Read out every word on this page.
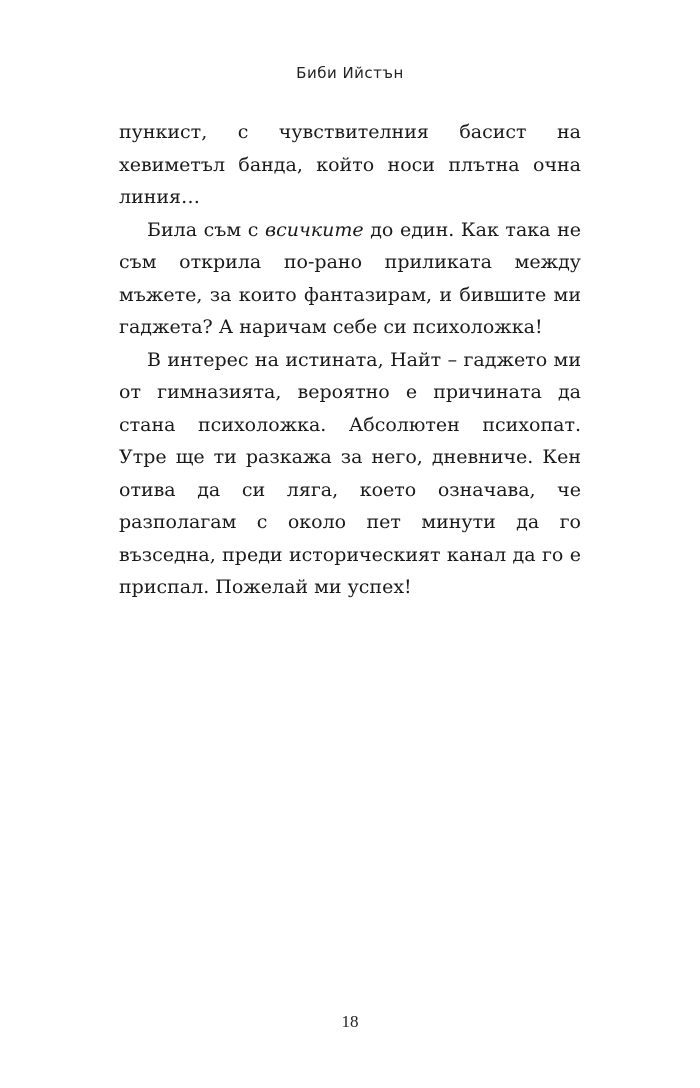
Биби Ийстън

пункист, с чувствителния басист на хевиметъл банда, който носи плътна очна линия…

Била съм с всичките до един. Как така не съм открила по-рано приликата между мъжете, за които фантазирам, и бившите ми гаджета? А наричам себе си психоложка!

В интерес на истината, Найт – гаджето ми от гимназията, вероятно е причината да стана психоложка. Абсолютен психопат. Утре ще ти разкажа за него, дневниче. Кен отива да си ляга, което означава, че разполагам с около пет минути да го възседна, преди историческият канал да го е приспал. Пожелай ми успех!

18
